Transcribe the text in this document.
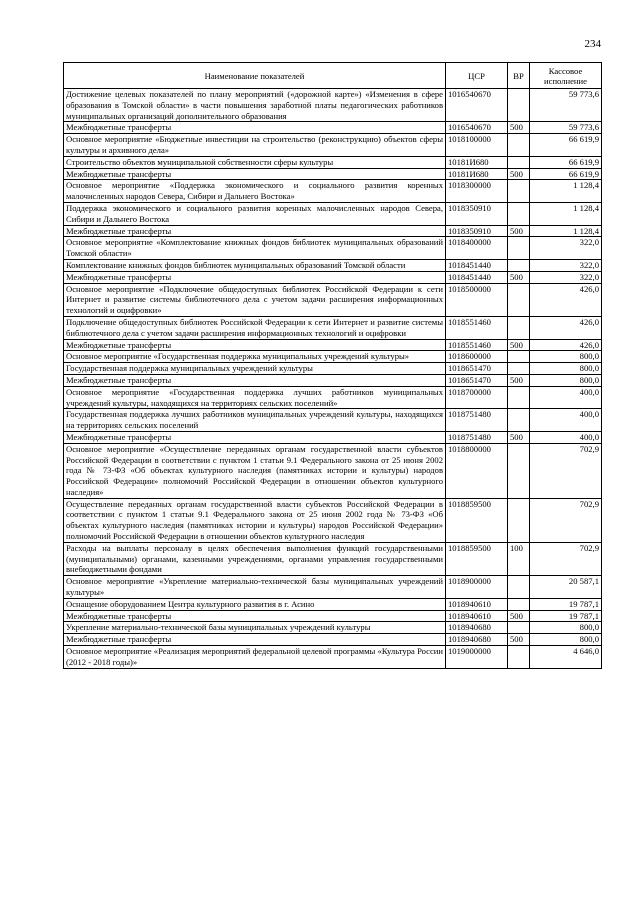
234
Наименование показателей	ЦСР	ВР	Кассовое исполнение
Достижение целевых показателей по плану мероприятий («дорожной карте») «Изменения в сфере образования в Томской области» в части повышения заработной платы педагогических работников муниципальных организаций дополнительного образования	1016540670		59 773,6
Межбюджетные трансферты	1016540670	500	59 773,6
Основное мероприятие «Бюджетные инвестиции на строительство (реконструкцию) объектов сферы культуры и архивного дела»	1018100000		66 619,9
Строительство объектов муниципальной собственности сферы культуры	10181И680		66 619,9
Межбюджетные трансферты	10181И680	500	66 619,9
Основное мероприятие «Поддержка экономического и социального развития коренных малочисленных народов Севера, Сибири и Дальнего Востока»	1018300000		1 128,4
Поддержка экономического и социального развития коренных малочисленных народов Севера, Сибири и Дальнего Востока	1018350910		1 128,4
Межбюджетные трансферты	1018350910	500	1 128,4
Основное мероприятие «Комплектование книжных фондов библиотек муниципальных образований Томской области»	1018400000		322,0
Комплектование книжных фондов библиотек муниципальных образований Томской области	1018451440		322,0
Межбюджетные трансферты	1018451440	500	322,0
Основное мероприятие «Подключение общедоступных библиотек Российской Федерации к сети Интернет и развитие системы библиотечного дела с учетом задачи расширения информационных технологий и оцифровки»	1018500000		426,0
Подключение общедоступных библиотек Российской Федерации к сети Интернет и развитие системы библиотечного дела с учетом задачи расширения информационных технологий и оцифровки	1018551460		426,0
Межбюджетные трансферты	1018551460	500	426,0
Основное мероприятие «Государственная поддержка муниципальных учреждений культуры»	1018600000		800,0
Государственная поддержка муниципальных учреждений культуры	1018651470		800,0
Межбюджетные трансферты	1018651470	500	800,0
Основное мероприятие «Государственная поддержка лучших работников муниципальных учреждений культуры, находящихся на территориях сельских поселений»	1018700000		400,0
Государственная поддержка лучших работников муниципальных учреждений культуры, находящихся на территориях сельских поселений	1018751480		400,0
Межбюджетные трансферты	1018751480	500	400,0
Основное мероприятие «Осуществление переданных органам государственной власти субъектов Российской Федерации в соответствии с пунктом 1 статьи 9.1 Федерального закона от 25 июня 2002 года № 73-ФЗ «Об объектах культурного наследия (памятниках истории и культуры) народов Российской Федерации» полномочий Российской Федерации в отношении объектов культурного наследия»	1018800000		702,9
Осуществление переданных органам государственной власти субъектов Российской Федерации в соответствии с пунктом 1 статьи 9.1 Федерального закона от 25 июня 2002 года № 73-ФЗ «Об объектах культурного наследия (памятниках истории и культуры) народов Российской Федерации» полномочий Российской Федерации в отношении объектов культурного наследия	1018859500		702,9
Расходы на выплаты персоналу в целях обеспечения выполнения функций государственными (муниципальными) органами, казенными учреждениями, органами управления государственными внебюджетными фондами	1018859500	100	702,9
Основное мероприятие «Укрепление материально-технической базы муниципальных учреждений культуры»	1018900000		20 587,1
Оснащение оборудованием Центра культурного развития в г. Асино	1018940610		19 787,1
Межбюджетные трансферты	1018940610	500	19 787,1
Укрепление материально-технической базы муниципальных учреждений культуры	1018940680		800,0
Межбюджетные трансферты	1018940680	500	800,0
Основное мероприятие «Реализация мероприятий федеральной целевой программы «Культура России (2012 - 2018 годы)»	1019000000		4 646,0
